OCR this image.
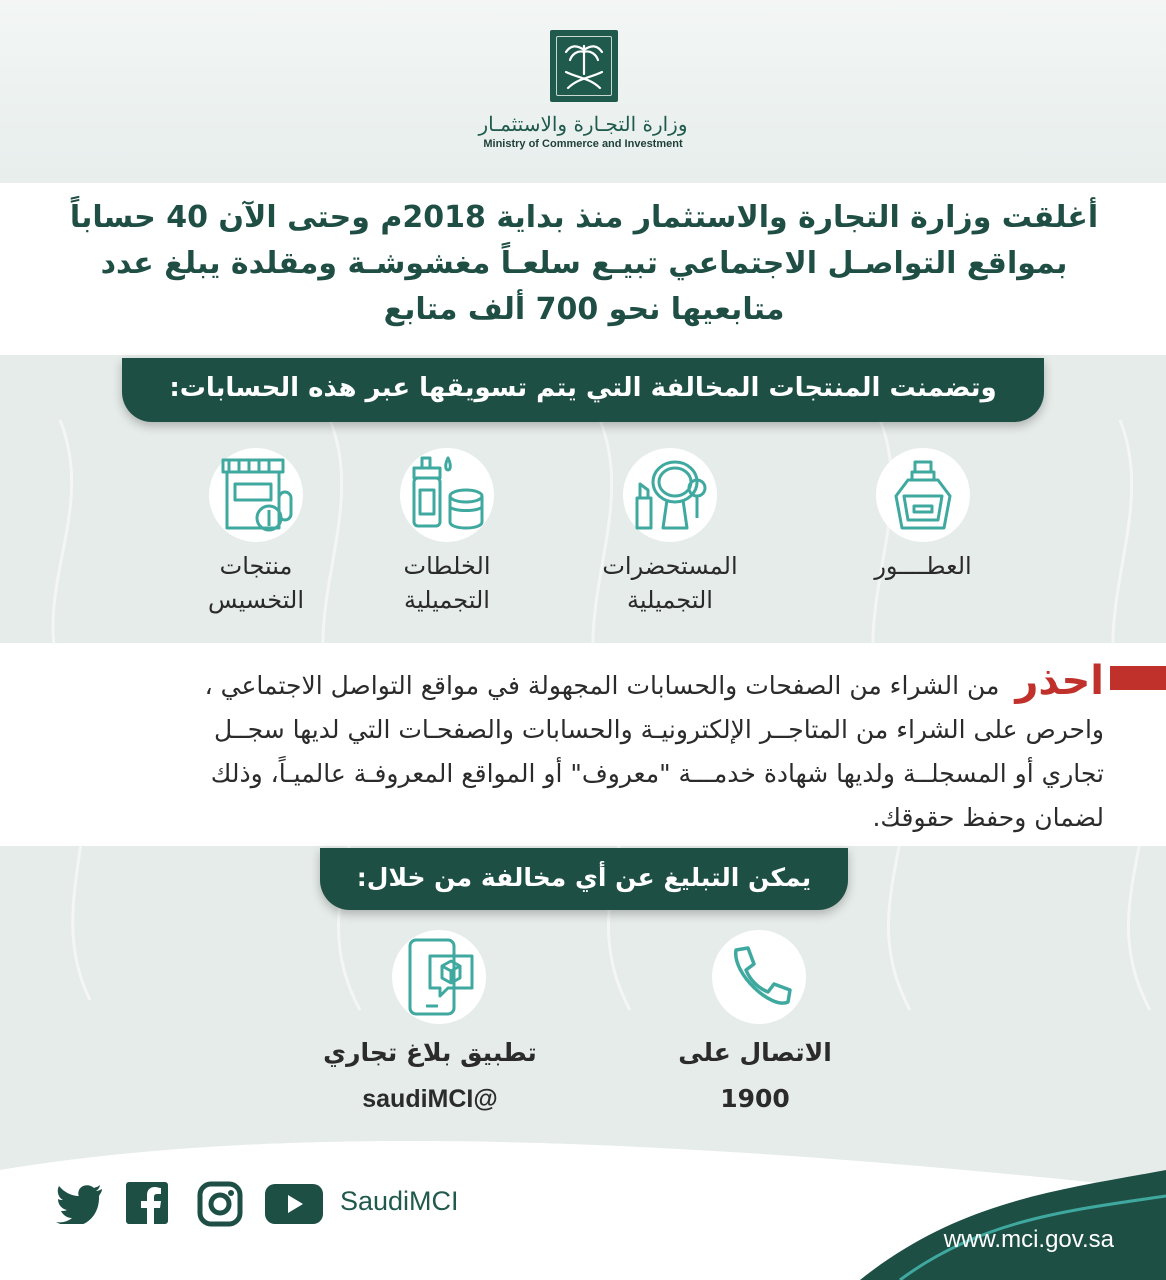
وزارة التجـارة والاستثمـار
Ministry of Commerce and Investment
أغلقت وزارة التجارة والاستثمار منذ بداية 2018م وحتى الآن 40 حساباً
بمواقع التواصـل الاجتماعي تبيـع سلعـاً مغشوشـة ومقلدة يبلغ عدد
متابعيها نحو 700 ألف متابع
وتضمنت المنتجات المخالفة التي يتم تسويقها عبر هذه الحسابات:
العطــــور
المستحضرات
التجميلية
الخلطات
التجميلية
منتجات
التخسيس
احذر  من الشراء من الصفحات والحسابات المجهولة في مواقع التواصل الاجتماعي ،
واحرص على الشراء من المتاجــر الإلكترونيـة والحسابات والصفحـات التي لديها سجــل
تجاري أو المسجلــة ولديها شهادة خدمـــة "معروف" أو المواقع المعروفـة عالميـاً، وذلك
لضمان وحفظ حقوقك.
يمكن التبليغ عن أي مخالفة من خلال:
الاتصال على
1900
تطبيق بلاغ تجاري
@saudiMCI
SaudiMCI
www.mci.gov.sa
